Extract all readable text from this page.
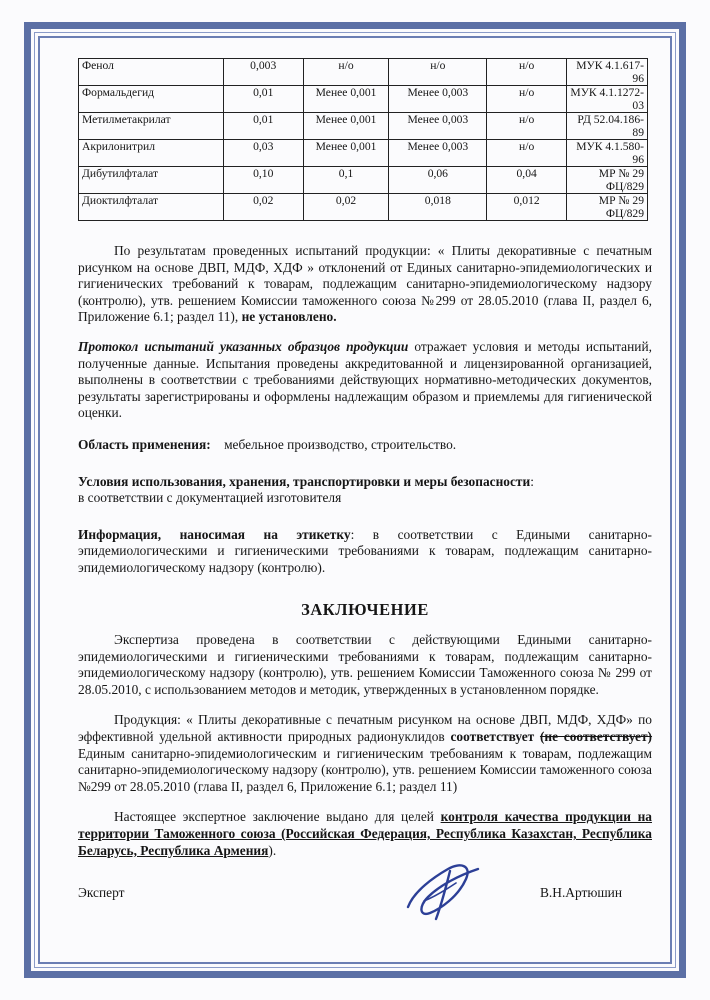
Фенол	0,003	н/о	н/о	н/о	МУК 4.1.617-96
Формальдегид	0,01	Менее 0,001	Менее 0,003	н/о	МУК 4.1.1272-03
Метилметакрилат	0,01	Менее 0,001	Менее 0,003	н/о	РД 52.04.186-89
Акрилонитрил	0,03	Менее 0,001	Менее 0,003	н/о	МУК 4.1.580-96
Дибутилфталат	0,10	0,1	0,06	0,04	МР № 29 ФЦ/829
Диоктилфталат	0,02	0,02	0,018	0,012	МР № 29 ФЦ/829

По результатам проведенных испытаний продукции: « Плиты декоративные с печатным рисунком на основе ДВП, МДФ, ХДФ » отклонений от Единых санитарно-эпидемиологических и гигиенических требований к товарам, подлежащим санитарно-эпидемиологическому надзору (контролю), утв. решением Комиссии таможенного союза №299 от 28.05.2010 (глава II, раздел 6, Приложение 6.1; раздел 11), не установлено.

Протокол испытаний указанных образцов продукции отражает условия и методы испытаний, полученные данные. Испытания проведены аккредитованной и лицензированной организацией, выполнены в соответствии с требованиями действующих нормативно-методических документов, результаты зарегистрированы и оформлены надлежащим образом и приемлемы для гигиенической оценки.

Область применения: мебельное производство, строительство.

Условия использования, хранения, транспортировки и меры безопасности:
в соответствии с документацией изготовителя

Информация, наносимая на этикетку: в соответствии с Едиными санитарно-эпидемиологическими и гигиеническими требованиями к товарам, подлежащим санитарно-эпидемиологическому надзору (контролю).

ЗАКЛЮЧЕНИЕ

Экспертиза проведена в соответствии с действующими Едиными санитарно-эпидемиологическими и гигиеническими требованиями к товарам, подлежащим санитарно-эпидемиологическому надзору (контролю), утв. решением Комиссии Таможенного союза № 299 от 28.05.2010, с использованием методов и методик, утвержденных в установленном порядке.

Продукция: « Плиты декоративные с печатным рисунком на основе ДВП, МДФ, ХДФ» по эффективной удельной активности природных радионуклидов соответствует (не соответствует) Единым санитарно-эпидемиологическим и гигиеническим требованиям к товарам, подлежащим санитарно-эпидемиологическому надзору (контролю), утв. решением Комиссии таможенного союза №299 от 28.05.2010 (глава II, раздел 6, Приложение 6.1; раздел 11)

Настоящее экспертное заключение выдано для целей контроля качества продукции на территории Таможенного союза (Российская Федерация, Республика Казахстан, Республика Беларусь, Республика Армения).

Эксперт	В.Н.Артюшин
